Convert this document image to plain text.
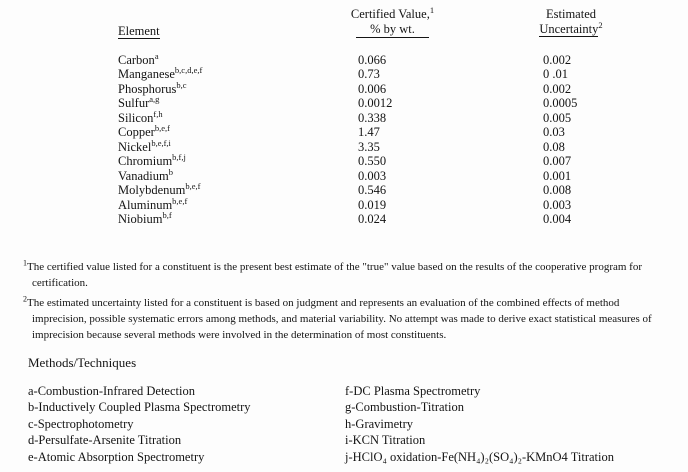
Element
Certified Value,$^1$
% by wt.
Estimated
Uncertainty$^2$
Carbon$^a$	0.066	0.002
Manganese$^{b,c,d,e,f}$	0.73	0 .01
Phosphorus$^{b,c}$	0.006	0.002
Sulfur$^{a,g}$	0.0012	0.0005
Silicon$^{f,h}$	0.338	0.005
Copper$^{b,e,f}$	1.47	0.03
Nickel$^{b,e,f,i}$	3.35	0.08
Chromium$^{b,f,j}$	0.550	0.007
Vanadium$^b$	0.003	0.001
Molybdenum$^{b,e,f}$	0.546	0.008
Aluminum$^{b,e,f}$	0.019	0.003
Niobium$^{b,f}$	0.024	0.004
$^1$The certified value listed for a constituent is the present best estimate of the "true" value based on the results of the cooperative program for certification.
$^2$The estimated uncertainty listed for a constituent is based on judgment and represents an evaluation of the combined effects of method imprecision, possible systematic errors among methods, and material variability. No attempt was made to derive exact statistical measures of imprecision because several methods were involved in the determination of most constituents.
Methods/Techniques
a-Combustion-Infrared Detection
b-Inductively Coupled Plasma Spectrometry
c-Spectrophotometry
d-Persulfate-Arsenite Titration
e-Atomic Absorption Spectrometry
f-DC Plasma Spectrometry
g-Combustion-Titration
h-Gravimetry
i-KCN Titration
j-HClO₄ oxidation-Fe(NH₄)₂(SO₄)₂-KMnO4 Titration
